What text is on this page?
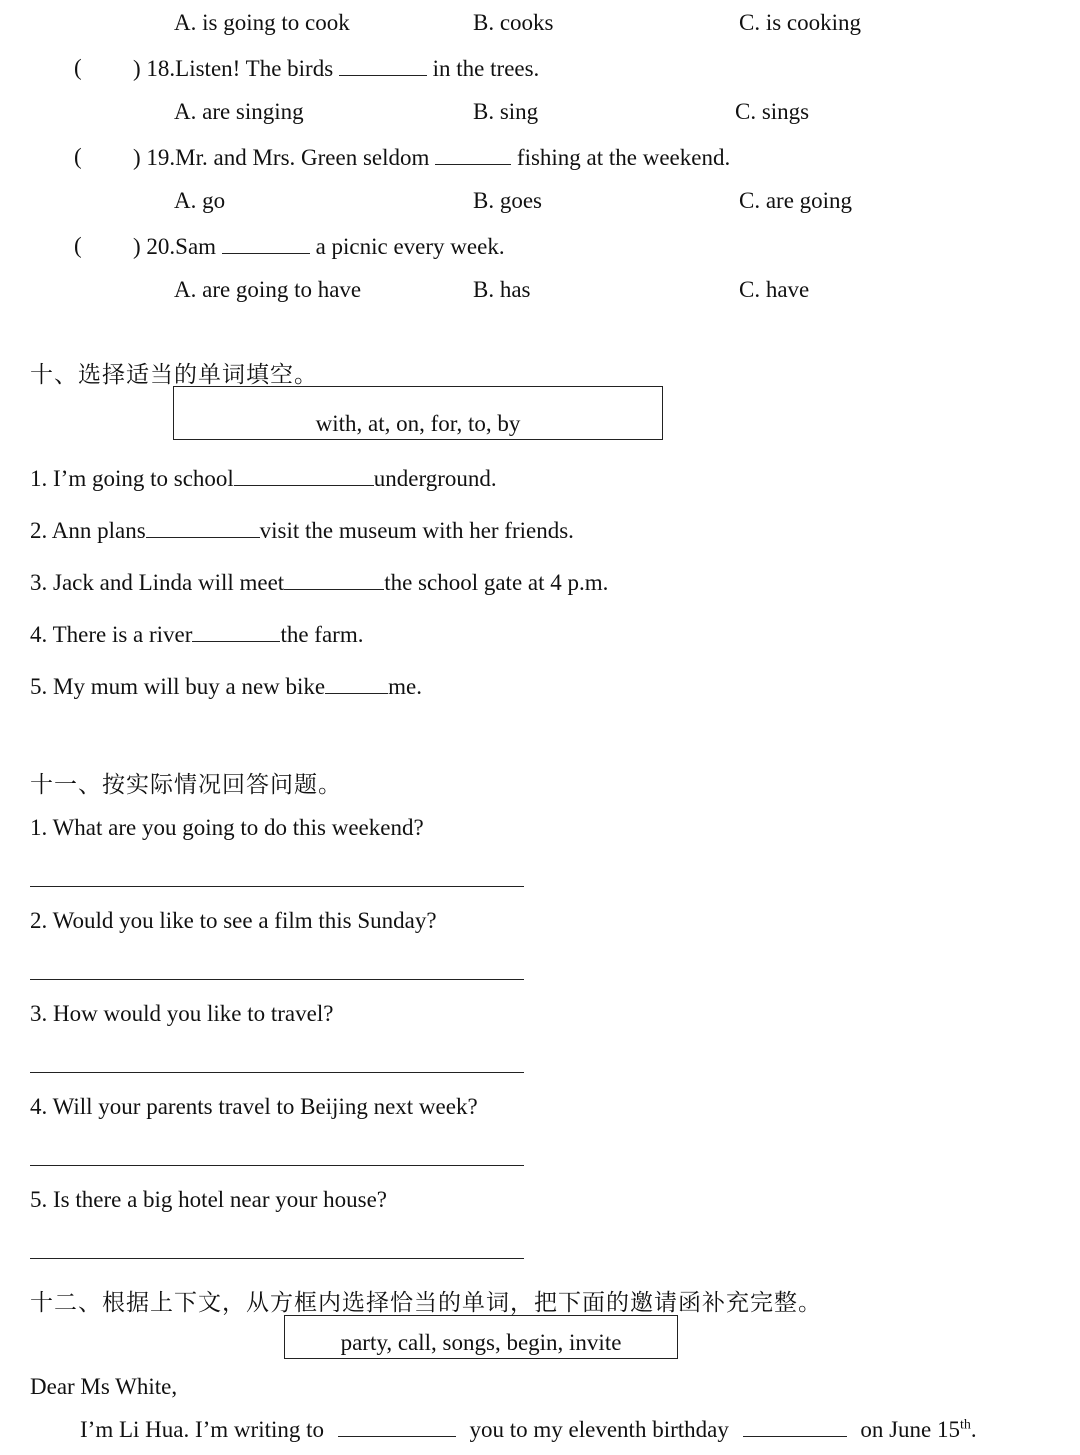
A. is going to cook	B. cooks	C. is cooking
( ) 18.Listen! The birds	in the trees.
A. are singing	B. sing	C. sings
( ) 19.Mr. and Mrs. Green seldom	fishing at the weekend.
A. go	B. goes	C. are going
( ) 20.Sam	a picnic every week.
A. are going to have	B. has	C. have
十、选择适当的单词填空。
with, at, on, for, to, by
1. I’m going to school	underground.
2. Ann plans	visit the museum with her friends.
3. Jack and Linda will meet	the school gate at 4 p.m.
4. There is a river	the farm.
5. My mum will buy a new bike	me.
十一、按实际情况回答问题。
1. What are you going to do this weekend?
2. Would you like to see a film this Sunday?
3. How would you like to travel?
4. Will your parents travel to Beijing next week?
5. Is there a big hotel near your house?
十二、根据上下文，从方框内选择恰当的单词，把下面的邀请函补充完整。
party, call, songs, begin, invite
Dear Ms White,
I’m Li Hua. I’m writing to	you to my eleventh birthday	on June 15th.
